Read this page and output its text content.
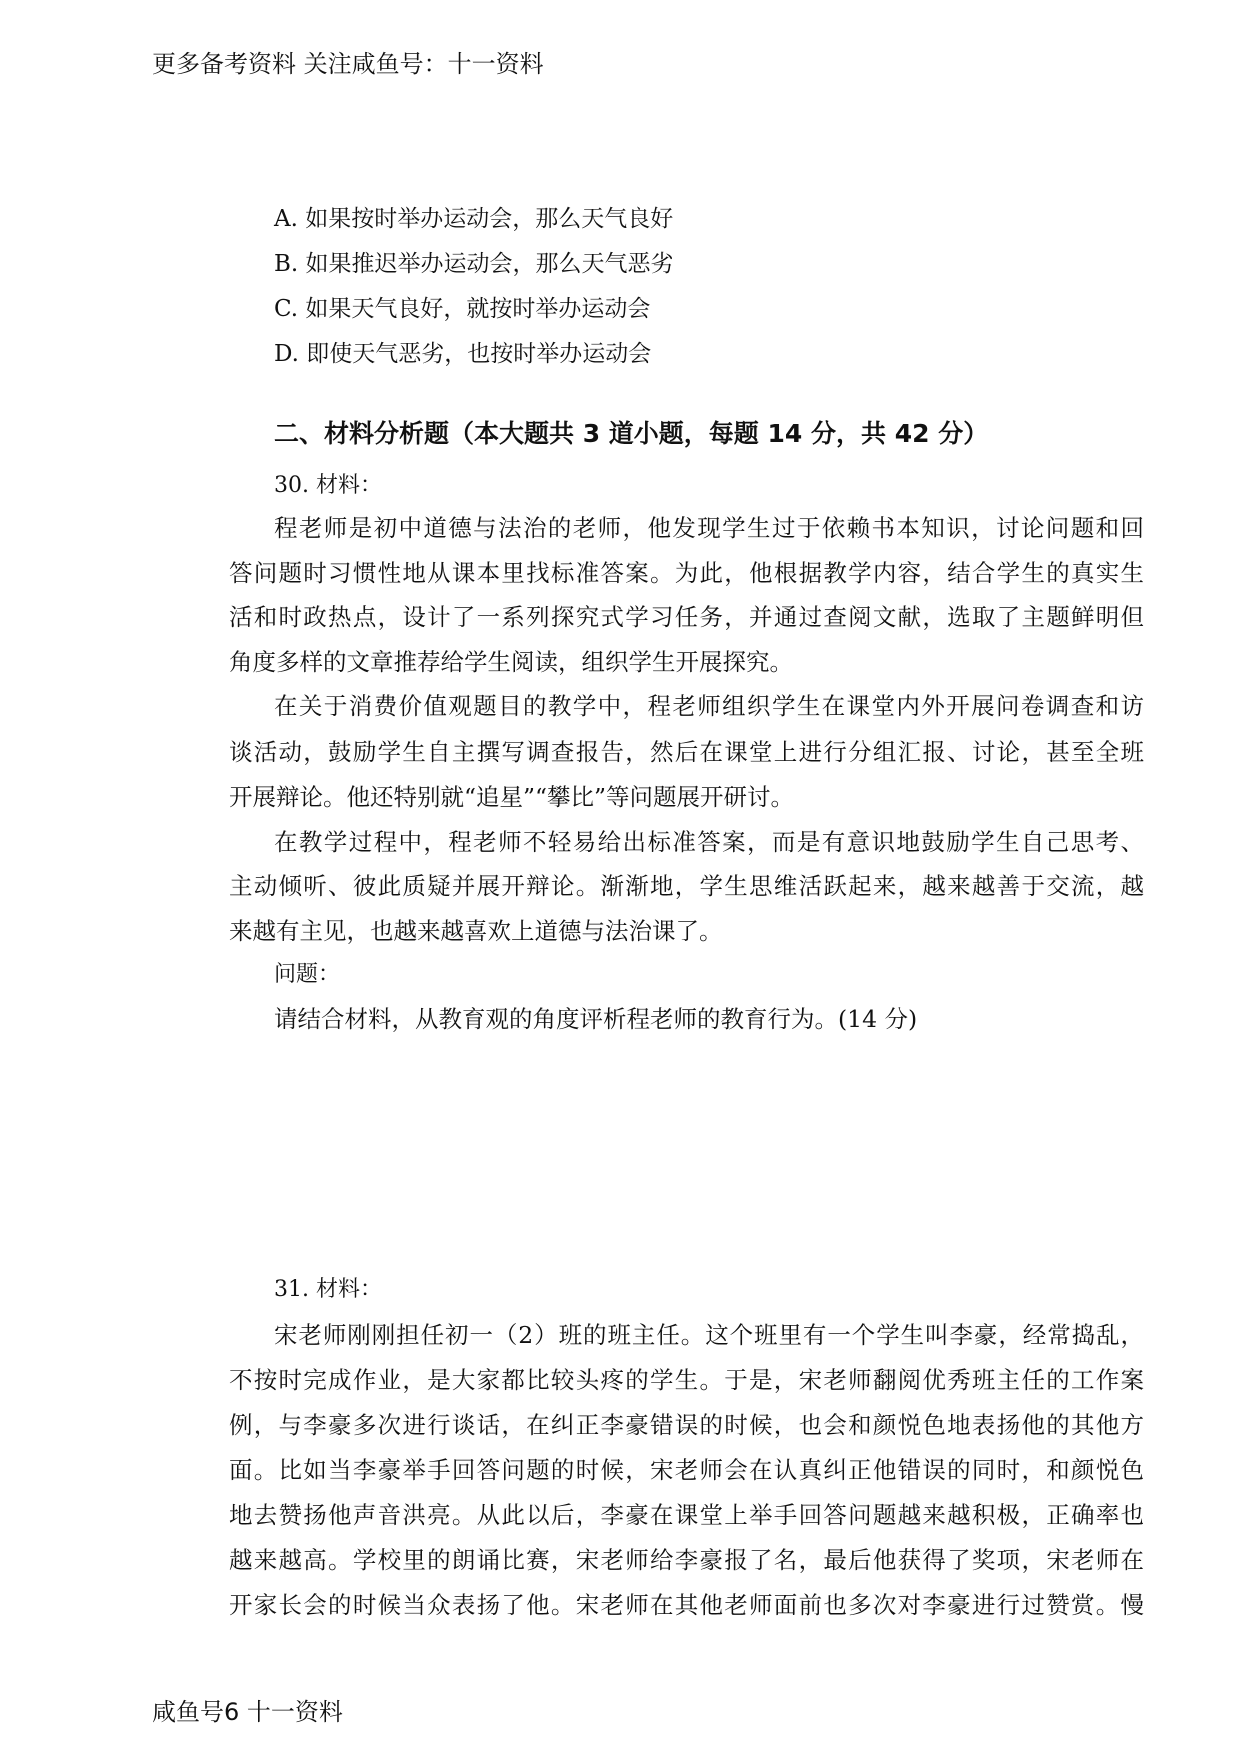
更多备考资料 关注咸鱼号：十一资料
A. 如果按时举办运动会，那么天气良好
B. 如果推迟举办运动会，那么天气恶劣
C. 如果天气良好，就按时举办运动会
D. 即使天气恶劣，也按时举办运动会
二、材料分析题（本大题共 3 道小题，每题 14 分，共 42 分）
30. 材料：
程老师是初中道德与法治的老师，他发现学生过于依赖书本知识，讨论问题和回
答问题时习惯性地从课本里找标准答案。为此，他根据教学内容，结合学生的真实生
活和时政热点，设计了一系列探究式学习任务，并通过查阅文献，选取了主题鲜明但
角度多样的文章推荐给学生阅读，组织学生开展探究。
在关于消费价值观题目的教学中，程老师组织学生在课堂内外开展问卷调查和访
谈活动，鼓励学生自主撰写调查报告，然后在课堂上进行分组汇报、讨论，甚至全班
开展辩论。他还特别就“追星”“攀比”等问题展开研讨。
在教学过程中，程老师不轻易给出标准答案，而是有意识地鼓励学生自己思考、
主动倾听、彼此质疑并展开辩论。渐渐地，学生思维活跃起来，越来越善于交流，越
来越有主见，也越来越喜欢上道德与法治课了。
问题：
请结合材料，从教育观的角度评析程老师的教育行为。(14 分)
31. 材料：
宋老师刚刚担任初一（2）班的班主任。这个班里有一个学生叫李豪，经常捣乱，
不按时完成作业，是大家都比较头疼的学生。于是，宋老师翻阅优秀班主任的工作案
例，与李豪多次进行谈话，在纠正李豪错误的时候，也会和颜悦色地表扬他的其他方
面。比如当李豪举手回答问题的时候，宋老师会在认真纠正他错误的同时，和颜悦色
地去赞扬他声音洪亮。从此以后，李豪在课堂上举手回答问题越来越积极，正确率也
越来越高。学校里的朗诵比赛，宋老师给李豪报了名，最后他获得了奖项，宋老师在
开家长会的时候当众表扬了他。宋老师在其他老师面前也多次对李豪进行过赞赏。慢
咸鱼号6 十一资料
